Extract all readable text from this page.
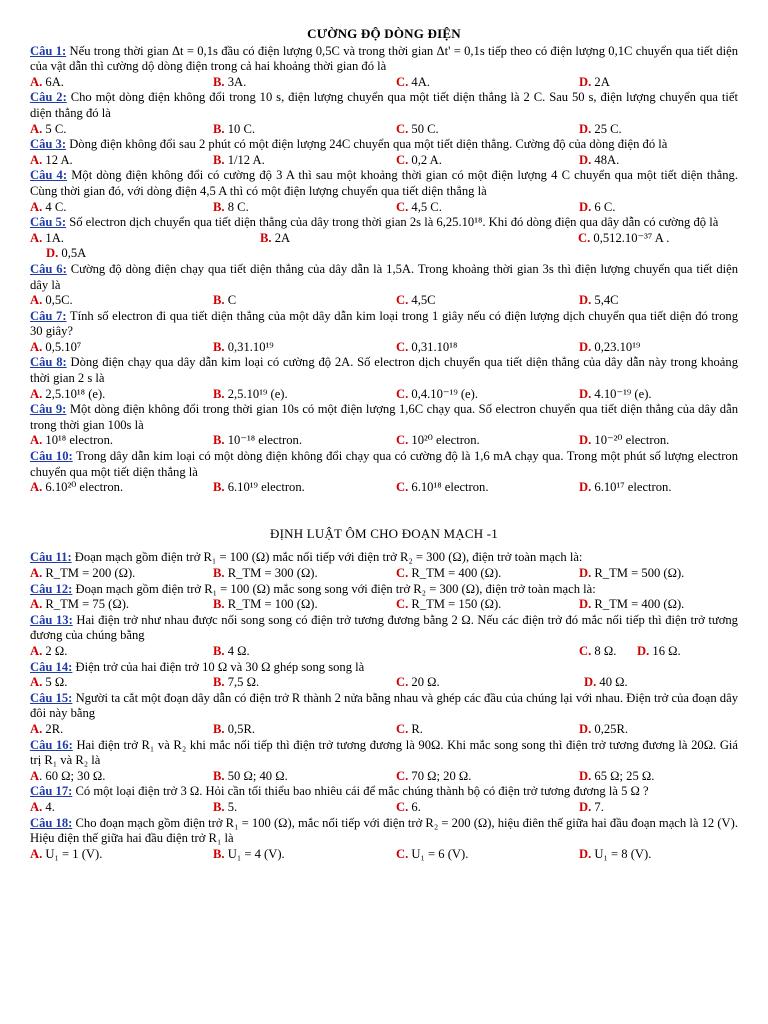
CƯỜNG ĐỘ DÒNG ĐIỆN
Câu 1: Nếu trong thời gian Δt = 0,1s đầu có điện lượng 0,5C và trong thời gian Δt' = 0,1s tiếp theo có điện lượng 0,1C chuyển qua tiết diện của vật dẫn thì cường dộ dòng điện trong cả hai khoảng thời gian đó là
A. 6A.	B. 3A.	C. 4A.	D. 2A
Câu 2: Cho một dòng điện không đổi trong 10 s, điện lượng chuyển qua một tiết diện thẳng là 2 C. Sau 50 s, điện lượng chuyển qua tiết diện thẳng đó là
A. 5 C.	B. 10 C.	C. 50 C.	D. 25 C.
Câu 3: Dòng điện không đổi sau 2 phút có một điện lượng 24C chuyển qua một tiết diện thẳng. Cường độ của dòng điện đó là
A. 12 A.	B. 1/12 A.	C. 0,2 A.	D. 48A.
Câu 4: Một dòng điện không đổi có cường độ 3 A thì sau một khoảng thời gian có một điện lượng 4 C chuyển qua một tiết diện thẳng. Cùng thời gian đó, với dòng điện 4,5 A thì có một điện lượng chuyển qua tiết diện thẳng là
A. 4 C.	B. 8 C.	C. 4,5 C.	D. 6 C.
Câu 5: Số electron dịch chuyển qua tiết diện thẳng của dây trong thời gian 2s là 6,25.10¹⁸. Khi đó dòng điện qua dây dẫn có cường độ là
A. 1A.	B. 2A	C. 0,512.10⁻³⁷ A .
D. 0,5A
Câu 6: Cường độ dòng điện chạy qua tiết diện thẳng của dây dẫn là 1,5A. Trong khoảng thời gian 3s thì điện lượng chuyển qua tiết diện dây là
A. 0,5C.	B. C	C. 4,5C	D. 5,4C
Câu 7: Tính số electron đi qua tiết diện thẳng của một dây dẫn kim loại trong 1 giây nếu có điện lượng dịch chuyển qua tiết diện đó trong 30 giây?
A. 0,5.10⁷	B. 0,31.10¹⁹	C. 0,31.10¹⁸	D. 0,23.10¹⁹
Câu 8: Dòng điện chạy qua dây dẫn kim loại có cường độ 2A. Số electron dịch chuyển qua tiết diện thẳng của dây dẫn này trong khoảng thời gian 2 s là
A. 2,5.10¹⁸ (e).	B. 2,5.10¹⁹ (e).	C. 0,4.10⁻¹⁹ (e).	D. 4.10⁻¹⁹ (e).
Câu 9: Một dòng điện không đổi trong thời gian 10s có một điện lượng 1,6C chạy qua. Số electron chuyển qua tiết diện thẳng của dây dẫn trong thời gian 100s là
A. 10¹⁸ electron.	B. 10⁻¹⁸ electron.	C. 10²⁰ electron.	D. 10⁻²⁰ electron.
Câu 10: Trong dây dẫn kim loại có một dòng điện không đổi chạy qua có cường độ là 1,6 mA chạy qua. Trong một phút số lượng electron chuyển qua một tiết diện thẳng là
A. 6.10²⁰ electron.	B. 6.10¹⁹ electron.	C. 6.10¹⁸ electron.	D. 6.10¹⁷ electron.
ĐỊNH LUẬT ÔM CHO ĐOẠN MẠCH -1
Câu 11: Đoạn mạch gồm điện trở R₁ = 100 (Ω) mắc nối tiếp với điện trở R₂ = 300 (Ω), điện trở toàn mạch là:
A. R_TM = 200 (Ω).	B. R_TM = 300 (Ω).	C. R_TM = 400 (Ω).	D. R_TM = 500 (Ω).
Câu 12: Đoạn mạch gồm điện trở R₁ = 100 (Ω) mắc song song với điện trở R₂ = 300 (Ω), điện trở toàn mạch là:
A. R_TM = 75 (Ω).	B. R_TM = 100 (Ω).	C. R_TM = 150 (Ω).	D. R_TM = 400 (Ω).
Câu 13: Hai điện trở như nhau được nối song song có điện trở tương đương bằng 2 Ω. Nếu các điện trở đó mắc nối tiếp thì điện trở tương đương của chúng bằng
A. 2 Ω.	B. 4 Ω.	C. 8 Ω.	D. 16 Ω.
Câu 14: Điện trở của hai điện trở 10 Ω và 30 Ω ghép song song là
A. 5 Ω.	B. 7,5 Ω.	C. 20 Ω.	D. 40 Ω.
Câu 15: Người ta cắt một đoạn dây dẫn có điện trở R thành 2 nửa bằng nhau và ghép các đầu của chúng lại với nhau. Điện trở của đoạn dây đôi này bằng
A. 2R.	B. 0,5R.	C. R.	D. 0,25R.
Câu 16: Hai điện trở R₁ và R₂ khi mắc nối tiếp thì điện trở tương đương là 90Ω. Khi mắc song song thì điện trở tương đương là 20Ω. Giá trị R₁ và R₂ là
A. 60 Ω; 30 Ω.	B. 50 Ω; 40 Ω.	C. 70 Ω; 20 Ω.	D. 65 Ω; 25 Ω.
Câu 17: Có một loại điện trở 3 Ω. Hỏi cần tối thiểu bao nhiêu cái để mắc chúng thành bộ có điện trở tương đương là 5 Ω ?
A. 4.	B. 5.	C. 6.	D. 7.
Câu 18: Cho đoạn mạch gồm điện trở R₁ = 100 (Ω), mắc nối tiếp với điện trở R₂ = 200 (Ω), hiệu điên thế giữa hai đầu đoạn mạch là 12 (V). Hiệu điện thế giữa hai đầu điện trở R₁ là
A. U₁ = 1 (V).	B. U₁ = 4 (V).	C. U₁ = 6 (V).	D. U₁ = 8 (V).
